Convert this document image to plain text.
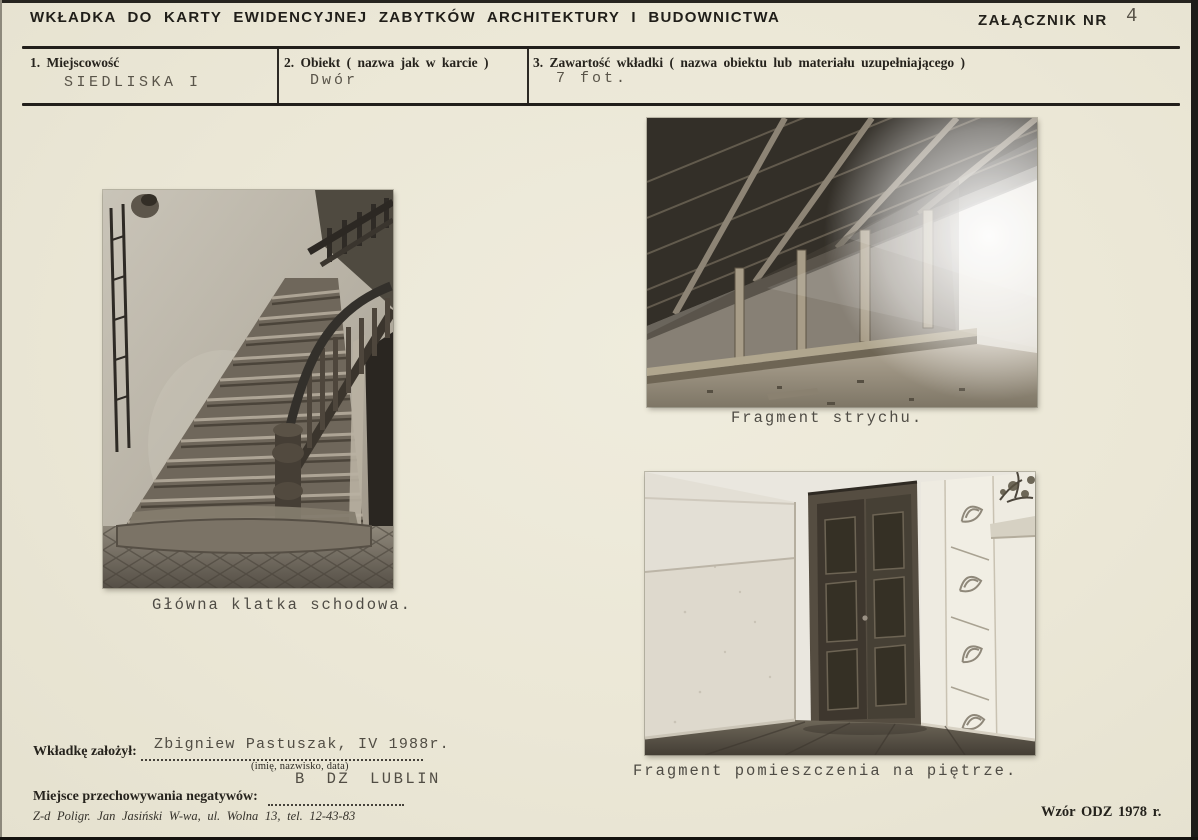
WKŁADKA DO KARTY EWIDENCYJNEJ ZABYTKÓW ARCHITEKTURY I BUDOWNICTWA	ZAŁĄCZNIK NR 4
1. Miejscowość
SIEDLISKA I
2. Obiekt ( nazwa jak w karcie )
Dwór
3. Zawartość wkładki ( nazwa obiektu lub materiału uzupełniającego )
7 fot.
Główna klatka schodowa.
Fragment strychu.
Fragment pomieszczenia na piętrze.
Wkładkę założył: Zbigniew Pastuszak, IV 1988r.
(imię, nazwisko, data)
B DZ LUBLIN
Miejsce przechowywania negatywów:
Z-d Poligr. Jan Jasiński W-wa, ul. Wolna 13, tel. 12-43-83	Wzór ODZ 1978 r.
